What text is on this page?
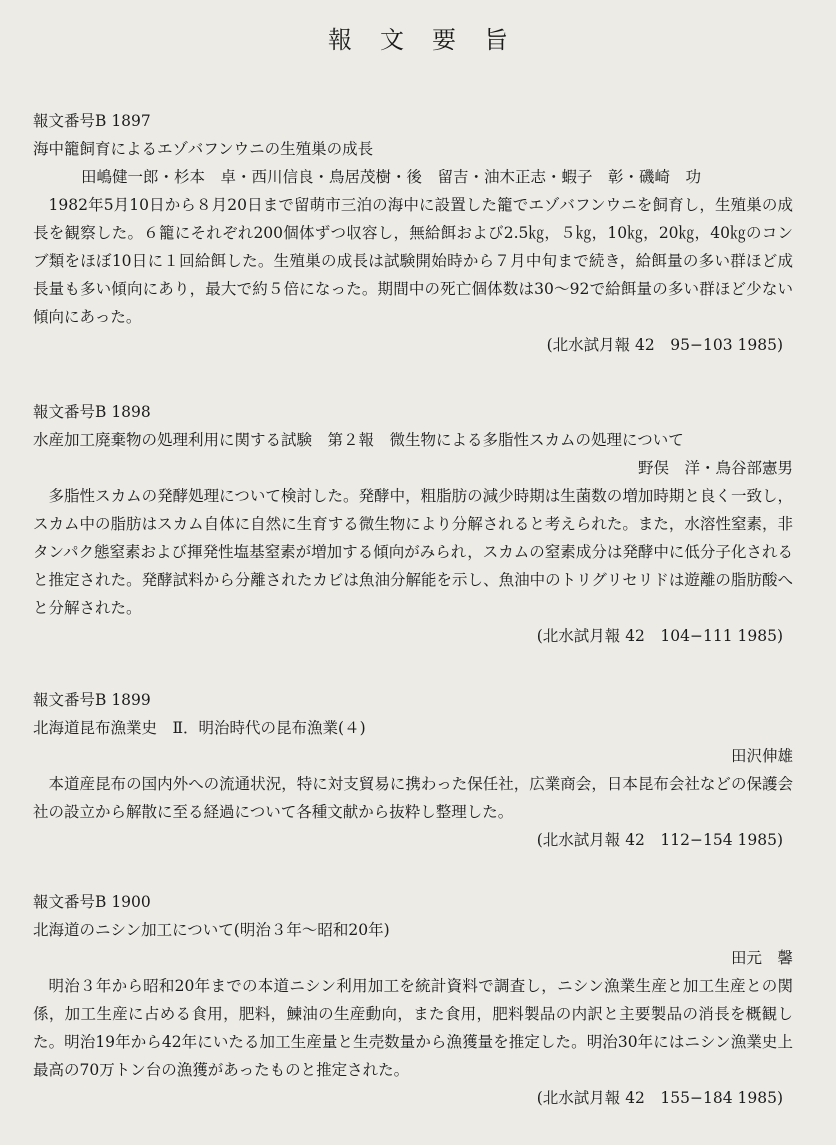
報文要旨
報文番号B 1897
海中籠飼育によるエゾバフンウニの生殖巣の成長
田嶋健一郎・杉本　卓・西川信良・鳥居茂樹・後　留吉・油木正志・蝦子　彰・磯崎　功
1982年5月10日から８月20日まで留萌市三泊の海中に設置した籠でエゾバフンウニを飼育し，生殖巣の成長を観察した。６籠にそれぞれ200個体ずつ収容し，無給餌および2.5㎏，５㎏，10㎏，20㎏，40㎏のコンブ類をほぼ10日に１回給餌した。生殖巣の成長は試験開始時から７月中旬まで続き，給餌量の多い群ほど成長量も多い傾向にあり，最大で約５倍になった。期間中の死亡個体数は30～92で給餌量の多い群ほど少ない傾向にあった。
(北水試月報 42　95−103 1985)
報文番号B 1898
水産加工廃棄物の処理利用に関する試験　第２報　微生物による多脂性スカムの処理について
野俣　洋・鳥谷部憲男
多脂性スカムの発酵処理について検討した。発酵中，粗脂肪の減少時期は生菌数の増加時期と良く一致し，スカム中の脂肪はスカム自体に自然に生育する微生物により分解されると考えられた。また，水溶性窒素，非タンパク態窒素および揮発性塩基窒素が増加する傾向がみられ，スカムの窒素成分は発酵中に低分子化されると推定された。発酵試料から分離されたカビは魚油分解能を示し、魚油中のトリグリセリドは遊離の脂肪酸へと分解された。
(北水試月報 42　104−111 1985)
報文番号B 1899
北海道昆布漁業史　Ⅱ．明治時代の昆布漁業(４)
田沢伸雄
本道産昆布の国内外への流通状況，特に対支貿易に携わった保任社，広業商会，日本昆布会社などの保護会社の設立から解散に至る経過について各種文献から抜粋し整理した。
(北水試月報 42　112−154 1985)
報文番号B 1900
北海道のニシン加工について(明治３年～昭和20年)
田元　馨
明治３年から昭和20年までの本道ニシン利用加工を統計資料で調査し，ニシン漁業生産と加工生産との関係，加工生産に占める食用，肥料，鰊油の生産動向，また食用，肥料製品の内訳と主要製品の消長を概観した。明治19年から42年にいたる加工生産量と生売数量から漁獲量を推定した。明治30年にはニシン漁業史上最高の70万トン台の漁獲があったものと推定された。
(北水試月報 42　155−184 1985)
